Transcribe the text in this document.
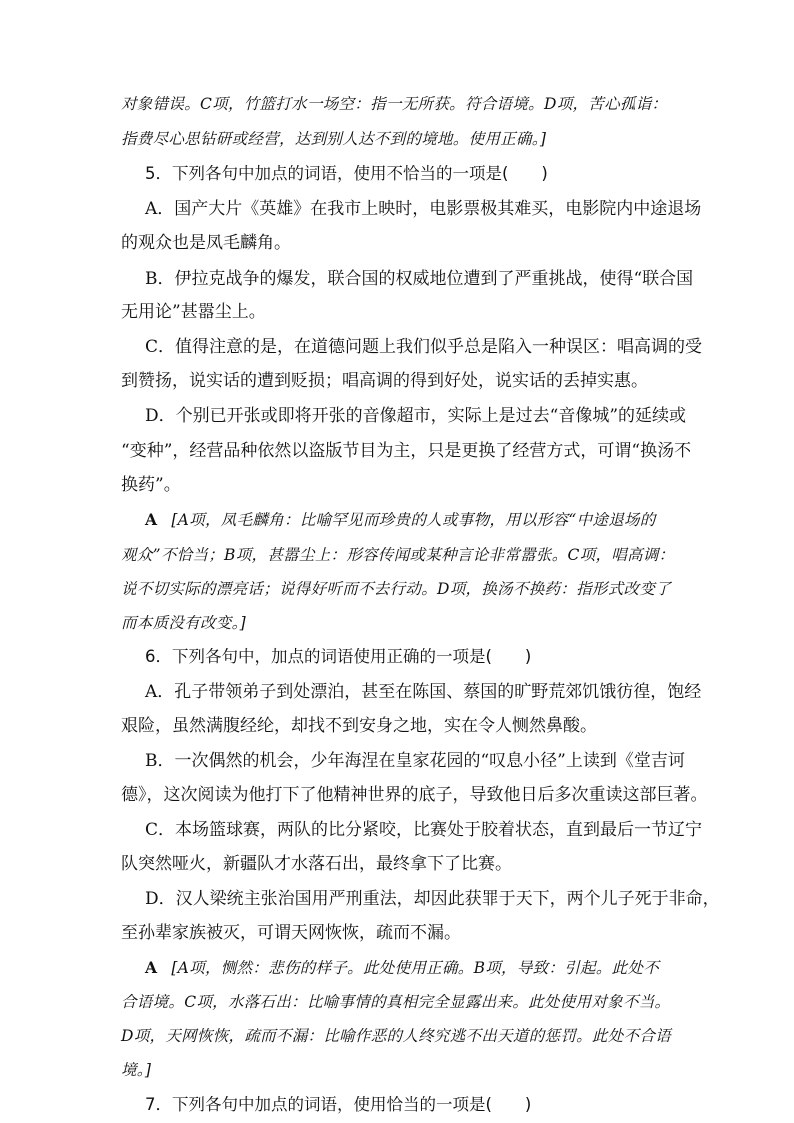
对象错误。C项，竹篮打水一场空：指一无所获。符合语境。D项，苦心孤诣：
指费尽心思钻研或经营，达到别人达不到的境地。使用正确。]
5．下列各句中加点的词语，使用不恰当的一项是(　　)
A．国产大片《英雄》在我市上映时，电影票极其难买，电影院内中途退场
的观众也是凤毛麟角。
B．伊拉克战争的爆发，联合国的权威地位遭到了严重挑战，使得“联合国
无用论”甚嚣尘上。
C．值得注意的是，在道德问题上我们似乎总是陷入一种误区：唱高调的受
到赞扬，说实话的遭到贬损；唱高调的得到好处，说实话的丢掉实惠。
D．个别已开张或即将开张的音像超市，实际上是过去“音像城”的延续或
“变种”，经营品种依然以盗版节目为主，只是更换了经营方式，可谓“换汤不
换药”。
A [A项，凤毛麟角：比喻罕见而珍贵的人或事物，用以形容“中途退场的
观众”不恰当；B项，甚嚣尘上：形容传闻或某种言论非常嚣张。C项，唱高调：
说不切实际的漂亮话；说得好听而不去行动。D项，换汤不换药：指形式改变了
而本质没有改变。]
6．下列各句中，加点的词语使用正确的一项是(　　)
A．孔子带领弟子到处漂泊，甚至在陈国、蔡国的旷野荒郊饥饿彷徨，饱经
艰险，虽然满腹经纶，却找不到安身之地，实在令人恻然鼻酸。
B．一次偶然的机会，少年海涅在皇家花园的“叹息小径”上读到《堂吉诃
德》，这次阅读为他打下了他精神世界的底子，导致他日后多次重读这部巨著。
C．本场篮球赛，两队的比分紧咬，比赛处于胶着状态，直到最后一节辽宁
队突然哑火，新疆队才水落石出，最终拿下了比赛。
D．汉人梁统主张治国用严刑重法，却因此获罪于天下，两个儿子死于非命，
至孙辈家族被灭，可谓天网恢恢，疏而不漏。
A [A项，恻然：悲伤的样子。此处使用正确。B项，导致：引起。此处不
合语境。C项，水落石出：比喻事情的真相完全显露出来。此处使用对象不当。
D项，天网恢恢，疏而不漏：比喻作恶的人终究逃不出天道的惩罚。此处不合语
境。]
7．下列各句中加点的词语，使用恰当的一项是(　　)
